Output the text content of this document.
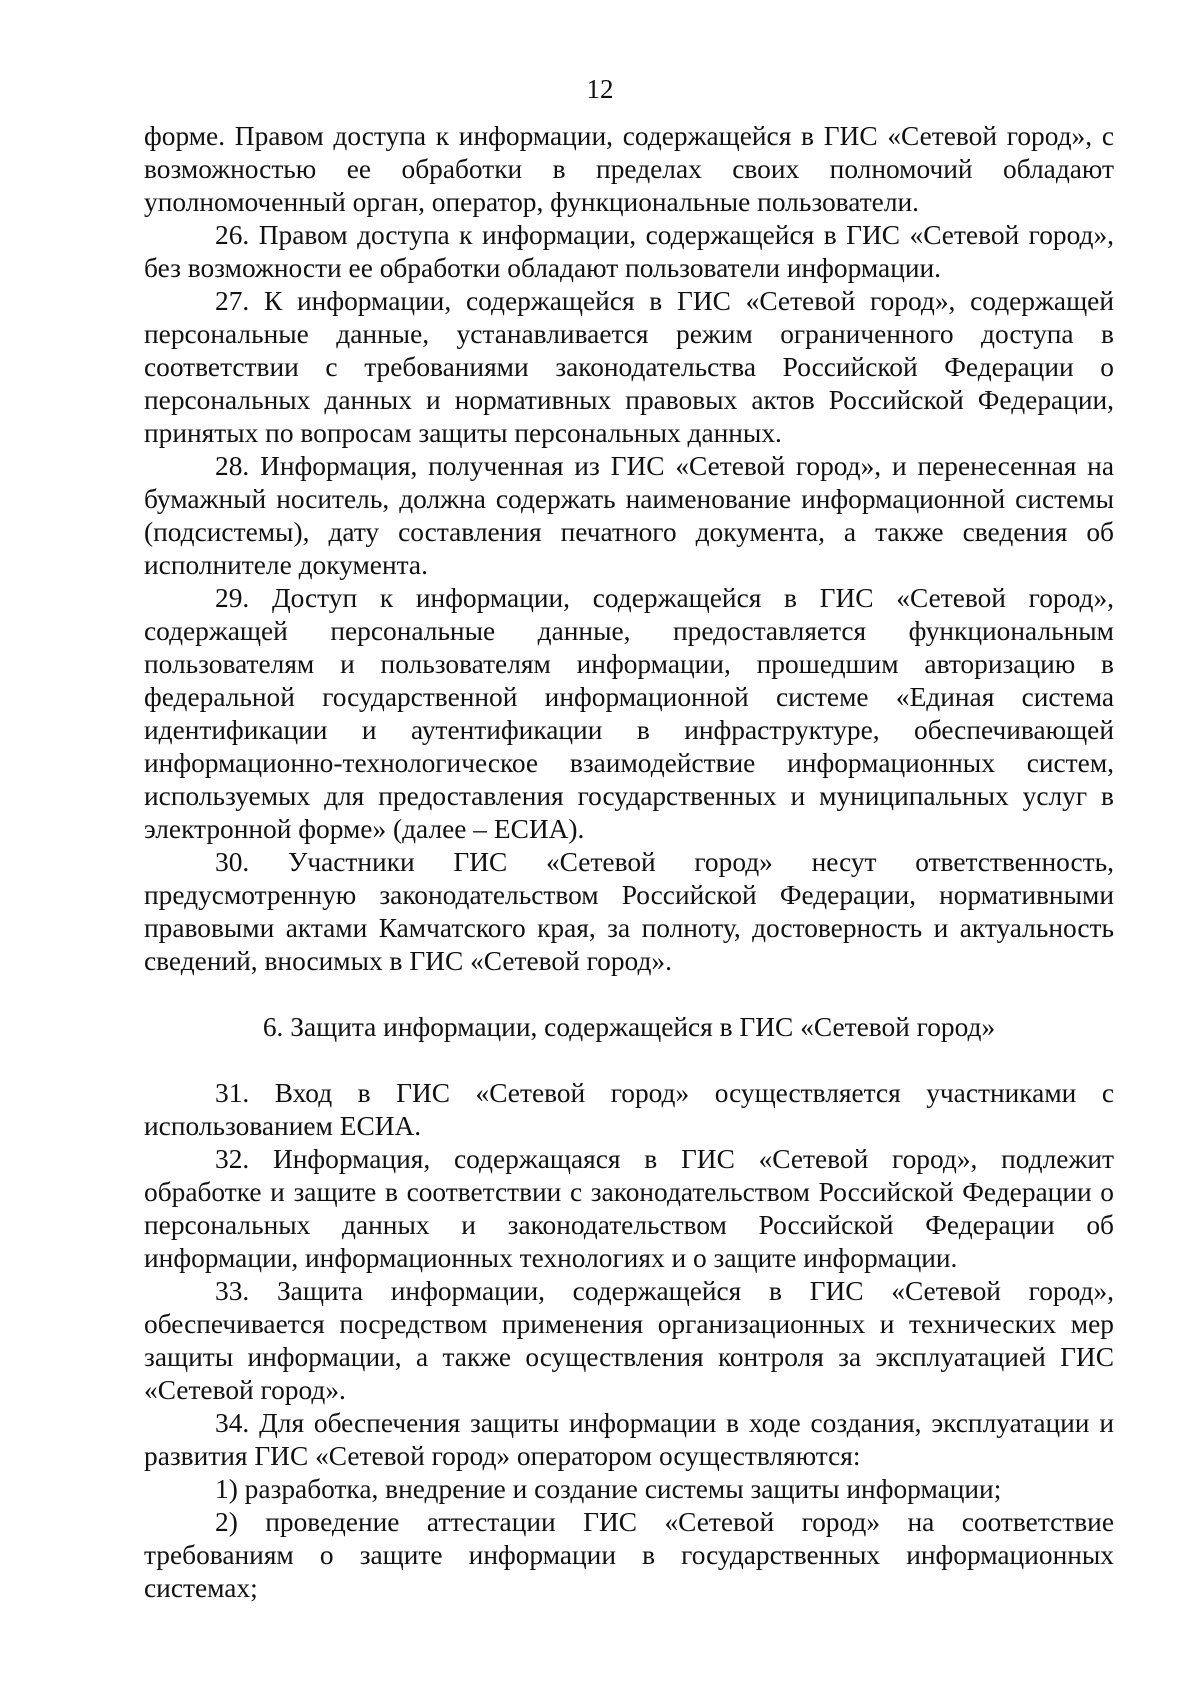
12

форме. Правом доступа к информации, содержащейся в ГИС «Сетевой город», с возможностью ее обработки в пределах своих полномочий обладают уполномоченный орган, оператор, функциональные пользователи.

26. Правом доступа к информации, содержащейся в ГИС «Сетевой город», без возможности ее обработки обладают пользователи информации.

27. К информации, содержащейся в ГИС «Сетевой город», содержащей персональные данные, устанавливается режим ограниченного доступа в соответствии с требованиями законодательства Российской Федерации о персональных данных и нормативных правовых актов Российской Федерации, принятых по вопросам защиты персональных данных.

28. Информация, полученная из ГИС «Сетевой город», и перенесенная на бумажный носитель, должна содержать наименование информационной системы (подсистемы), дату составления печатного документа, а также сведения об исполнителе документа.

29. Доступ к информации, содержащейся в ГИС «Сетевой город», содержащей персональные данные, предоставляется функциональным пользователям и пользователям информации, прошедшим авторизацию в федеральной государственной информационной системе «Единая система идентификации и аутентификации в инфраструктуре, обеспечивающей информационно-технологическое взаимодействие информационных систем, используемых для предоставления государственных и муниципальных услуг в электронной форме» (далее – ЕСИА).

30. Участники ГИС «Сетевой город» несут ответственность, предусмотренную законодательством Российской Федерации, нормативными правовыми актами Камчатского края, за полноту, достоверность и актуальность сведений, вносимых в ГИС «Сетевой город».

6. Защита информации, содержащейся в ГИС «Сетевой город»

31. Вход в ГИС «Сетевой город» осуществляется участниками с использованием ЕСИА.

32. Информация, содержащаяся в ГИС «Сетевой город», подлежит обработке и защите в соответствии с законодательством Российской Федерации о персональных данных и законодательством Российской Федерации об информации, информационных технологиях и о защите информации.

33. Защита информации, содержащейся в ГИС «Сетевой город», обеспечивается посредством применения организационных и технических мер защиты информации, а также осуществления контроля за эксплуатацией ГИС «Сетевой город».

34. Для обеспечения защиты информации в ходе создания, эксплуатации и развития ГИС «Сетевой город» оператором осуществляются:

1) разработка, внедрение и создание системы защиты информации;

2) проведение аттестации ГИС «Сетевой город» на соответствие требованиям о защите информации в государственных информационных системах;
